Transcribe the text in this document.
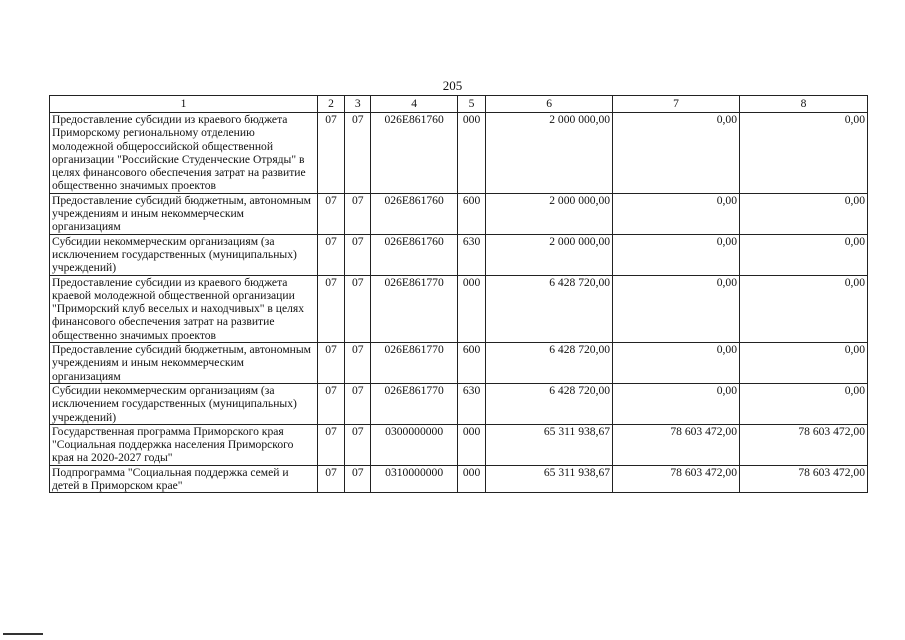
205
1	2	3	4	5	6	7	8
Предоставление субсидии из краевого бюджета Приморскому региональному отделению молодежной общероссийской общественной организации "Российские Студенческие Отряды" в целях финансового обеспечения затрат на развитие общественно значимых проектов	07	07	026E861760	000	2 000 000,00	0,00	0,00
Предоставление субсидий бюджетным, автономным учреждениям и иным некоммерческим организациям	07	07	026E861760	600	2 000 000,00	0,00	0,00
Субсидии некоммерческим организациям (за исключением государственных (муниципальных) учреждений)	07	07	026E861760	630	2 000 000,00	0,00	0,00
Предоставление субсидии из краевого бюджета краевой молодежной общественной организации "Приморский клуб веселых и находчивых" в целях финансового обеспечения затрат на развитие общественно значимых проектов	07	07	026E861770	000	6 428 720,00	0,00	0,00
Предоставление субсидий бюджетным, автономным учреждениям и иным некоммерческим организациям	07	07	026E861770	600	6 428 720,00	0,00	0,00
Субсидии некоммерческим организациям (за исключением государственных (муниципальных) учреждений)	07	07	026E861770	630	6 428 720,00	0,00	0,00
Государственная программа Приморского края "Социальная поддержка населения Приморского края на 2020-2027 годы"	07	07	0300000000	000	65 311 938,67	78 603 472,00	78 603 472,00
Подпрограмма "Социальная поддержка семей и детей в Приморском крае"	07	07	0310000000	000	65 311 938,67	78 603 472,00	78 603 472,00
